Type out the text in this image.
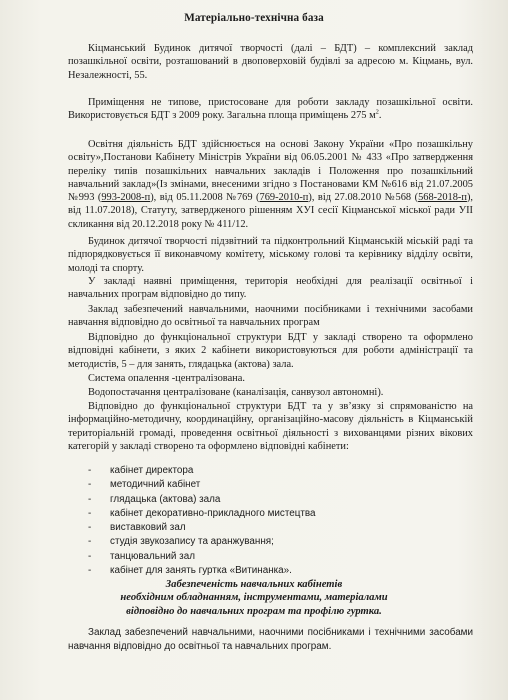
Матеріально-технічна база

Кіцманський Будинок дитячої творчості (далі – БДТ) – комплексний заклад позашкільної освіти, розташований в двоповерховій будівлі за адресою м. Кіцмань, вул. Незалежності, 55.

Приміщення не типове, пристосоване для роботи закладу позашкільної освіти. Використовується БДТ з 2009 року. Загальна площа приміщень 275 $м^2$.

Освітня діяльність БДТ здійснюється на основі Закону України «Про позашкільну освіту»,Постанови Кабінету Міністрів України від 06.05.2001 № 433 «Про затвердження переліку типів позашкільних навчальних закладів і Положення про позашкільний навчальний заклад»(Із змінами, внесеними згідно з Постановами КМ №616 від 21.07.2005 №993 (993-2008-п), від 05.11.2008 №769 (769-2010-п), від 27.08.2010 №568 (568-2018-п), від 11.07.2018), Статуту, затвердженого рішенням ХУІ сесії Кіцманської міської ради УІІ скликання від 20.12.2018 року № 411/12.

Будинок дитячої творчості підзвітний та підконтрольний Кіцманській міській раді та підпорядковується її виконавчому комітету, міському голові та керівнику відділу освіти, молоді та спорту.

У закладі наявні приміщення, територія необхідні для реалізації освітньої і навчальних програм відповідно до типу.

Заклад забезпечений навчальними, наочними посібниками і технічними засобами навчання відповідно до освітньої та навчальних програм

Відповідно до функціональної структури БДТ у закладі створено та оформлено відповідні кабінети, з яких 2 кабінети використовуються для роботи адміністрації та методистів, 5 – для занять, глядацька (актова) зала.

Система опалення -централізована.

Водопостачання централізоване (каналізація, санвузол автономні).

Відповідно до функціональної структури БДТ та у зв’язку зі спрямованістю на інформаційно-методичну, координаційну, організаційно-масову діяльність в Кіцманській територіальній громаді, проведення освітньої діяльності з вихованцями різних вікових категорій у закладі створено та оформлено відповідні кабінети:

- кабінет директора
- методичний кабінет
- глядацька (актова) зала
- кабінет декоративно-прикладного мистецтва
- виставковий зал
- студія звукозапису та аранжування;
- танцювальний зал
- кабінет для занять гуртка «Витинанка».
Забезпеченість навчальних кабінетів
необхідним обладнанням, інструментами, матеріалами
відповідно до навчальних програм та профілю гуртка.

Заклад забезпечений навчальними, наочними посібниками і технічними засобами навчання відповідно до освітньої та навчальних програм.
